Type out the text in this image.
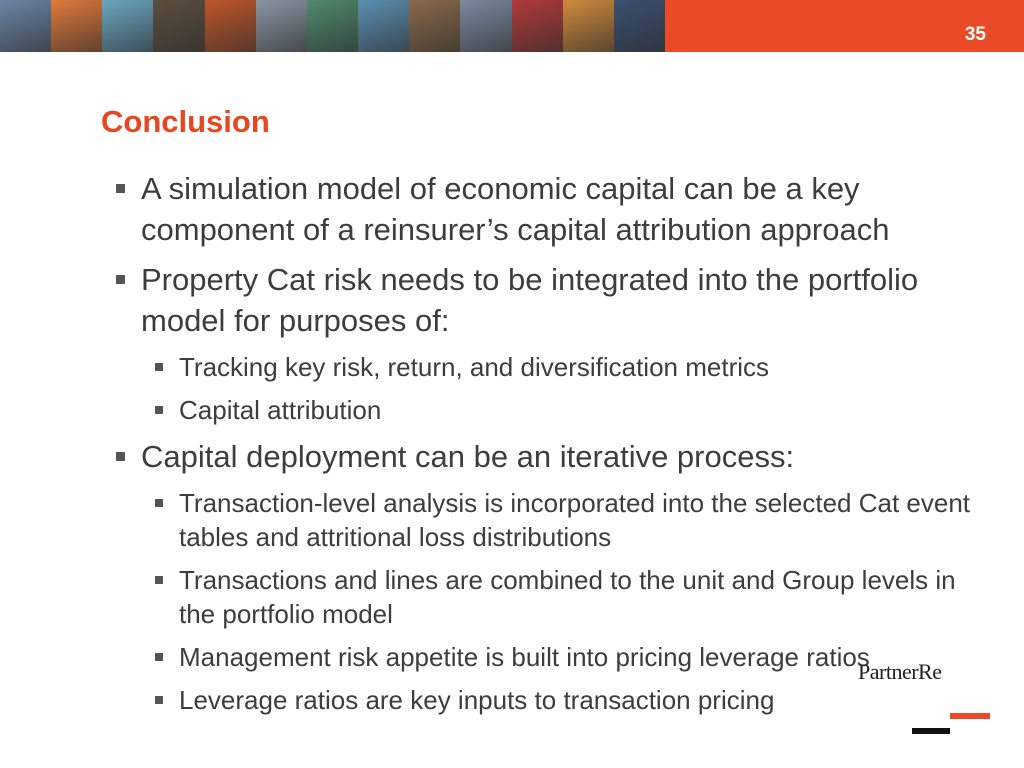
35
Conclusion
A simulation model of economic capital can be a key component of a reinsurer’s capital attribution approach
Property Cat risk needs to be integrated into the portfolio model for purposes of:
Tracking key risk, return, and diversification metrics
Capital attribution
Capital deployment can be an iterative process:
Transaction-level analysis is incorporated into the selected Cat event tables and attritional loss distributions
Transactions and lines are combined to the unit and Group levels in the portfolio model
Management risk appetite is built into pricing leverage ratios
Leverage ratios are key inputs to transaction pricing
PartnerRe
